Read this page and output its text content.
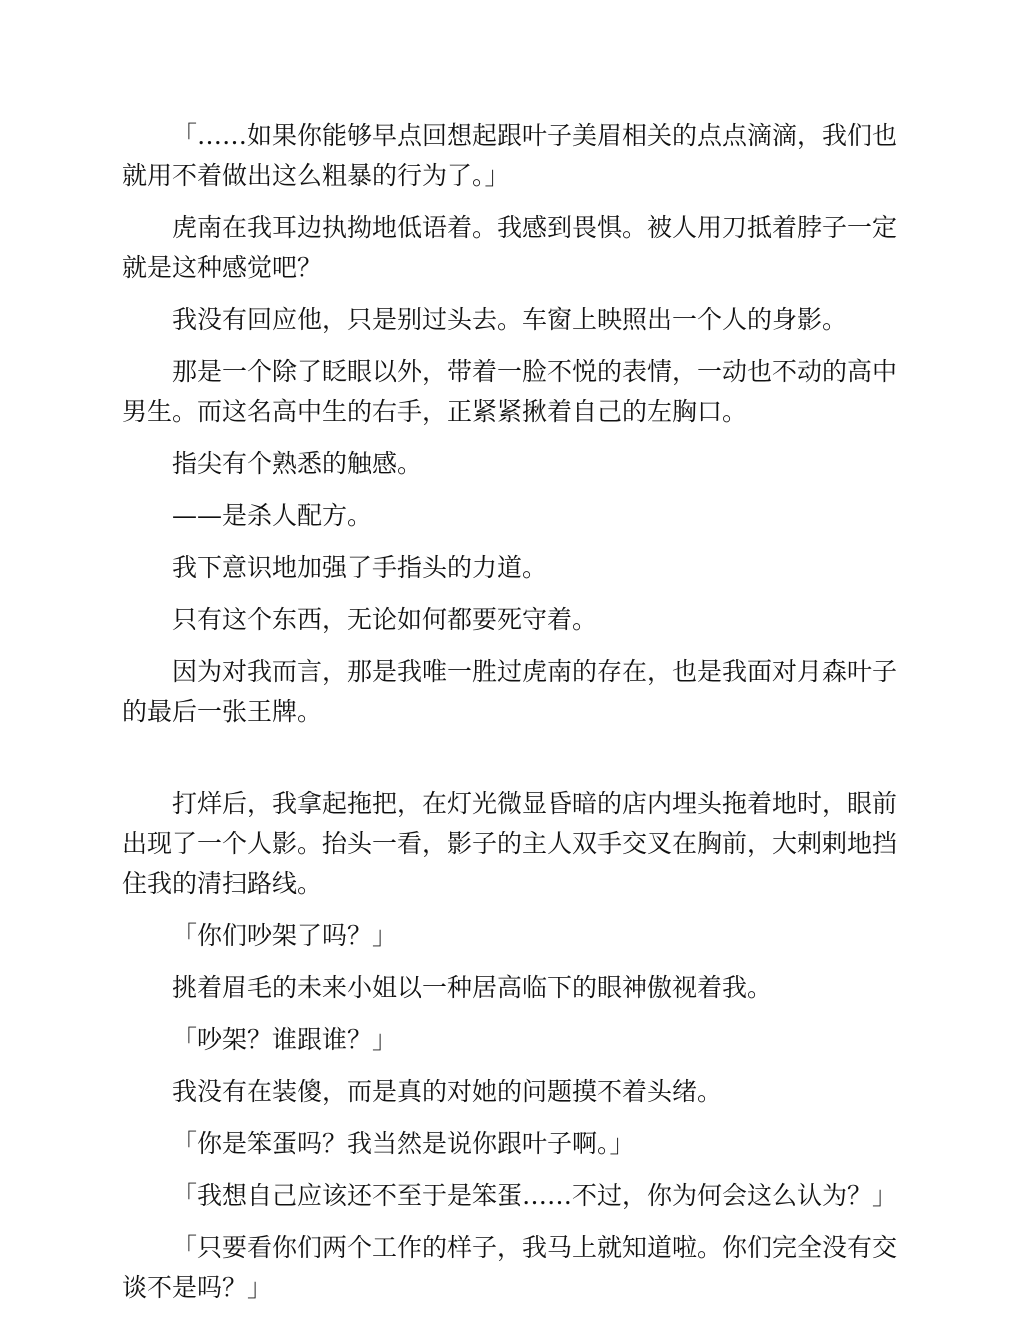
「……如果你能够早点回想起跟叶子美眉相关的点点滴滴，我们也就用不着做出这么粗暴的行为了。」

虎南在我耳边执拗地低语着。我感到畏惧。被人用刀抵着脖子一定就是这种感觉吧？

我没有回应他，只是别过头去。车窗上映照出一个人的身影。

那是一个除了眨眼以外，带着一脸不悦的表情，一动也不动的高中男生。而这名高中生的右手，正紧紧揪着自己的左胸口。

指尖有个熟悉的触感。

——是杀人配方。

我下意识地加强了手指头的力道。

只有这个东西，无论如何都要死守着。

因为对我而言，那是我唯一胜过虎南的存在，也是我面对月森叶子的最后一张王牌。

打烊后，我拿起拖把，在灯光微显昏暗的店内埋头拖着地时，眼前出现了一个人影。抬头一看，影子的主人双手交叉在胸前，大剌剌地挡住我的清扫路线。

「你们吵架了吗？」

挑着眉毛的未来小姐以一种居高临下的眼神傲视着我。

「吵架？谁跟谁？」

我没有在装傻，而是真的对她的问题摸不着头绪。

「你是笨蛋吗？我当然是说你跟叶子啊。」

「我想自己应该还不至于是笨蛋……不过，你为何会这么认为？」

「只要看你们两个工作的样子，我马上就知道啦。你们完全没有交谈不是吗？」
